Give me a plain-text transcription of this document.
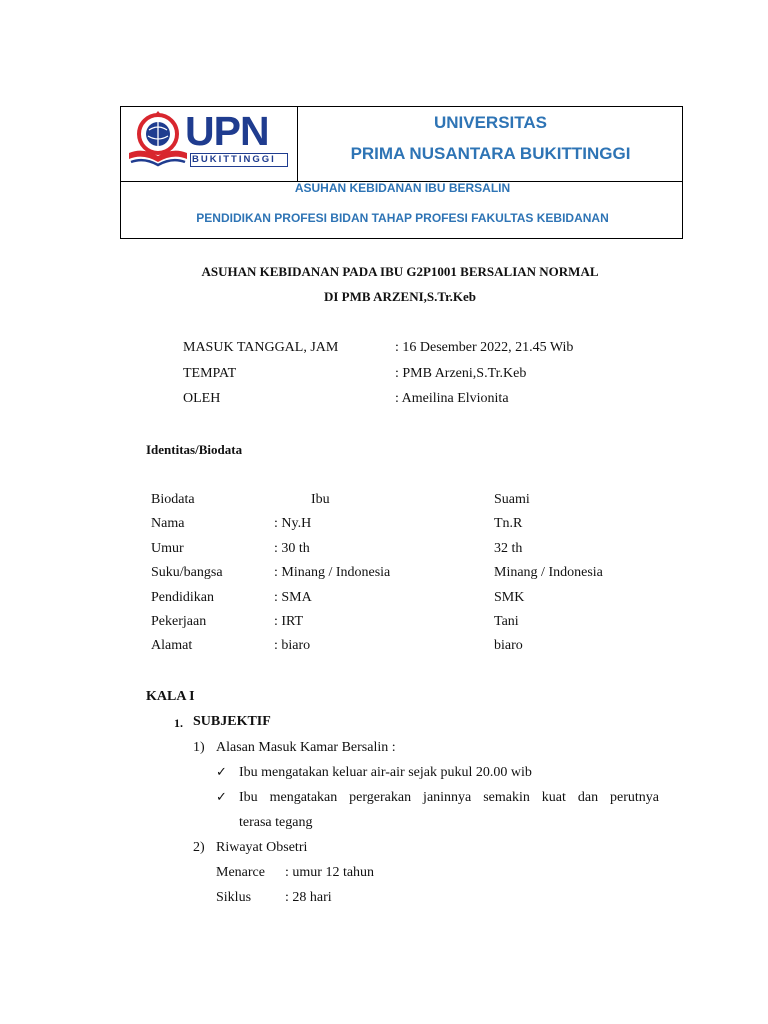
UPN
BUKITTINGGI
UNIVERSITAS
PRIMA NUSANTARA BUKITTINGGI
ASUHAN KEBIDANAN IBU BERSALIN
PENDIDIKAN PROFESI BIDAN TAHAP PROFESI FAKULTAS KEBIDANAN
ASUHAN KEBIDANAN PADA IBU G2P1001 BERSALIAN NORMAL
DI PMB ARZENI,S.Tr.Keb
MASUK TANGGAL, JAM	: 16 Desember 2022, 21.45 Wib
TEMPAT	: PMB Arzeni,S.Tr.Keb
OLEH	: Ameilina Elvionita
Identitas/Biodata
Biodata	Ibu	Suami
Nama	: Ny.H	Tn.R
Umur	: 30 th	32 th
Suku/bangsa	: Minang / Indonesia	Minang / Indonesia
Pendidikan	: SMA	SMK
Pekerjaan	: IRT	Tani
Alamat	: biaro	biaro
KALA I
1. SUBJEKTIF
1) Alasan Masuk Kamar Bersalin :
✓ Ibu mengatakan keluar air-air sejak pukul 20.00 wib
✓ Ibu mengatakan pergerakan janinnya semakin kuat dan perutnya
terasa tegang
2) Riwayat Obsetri
Menarce : umur 12 tahun
Siklus : 28 hari
